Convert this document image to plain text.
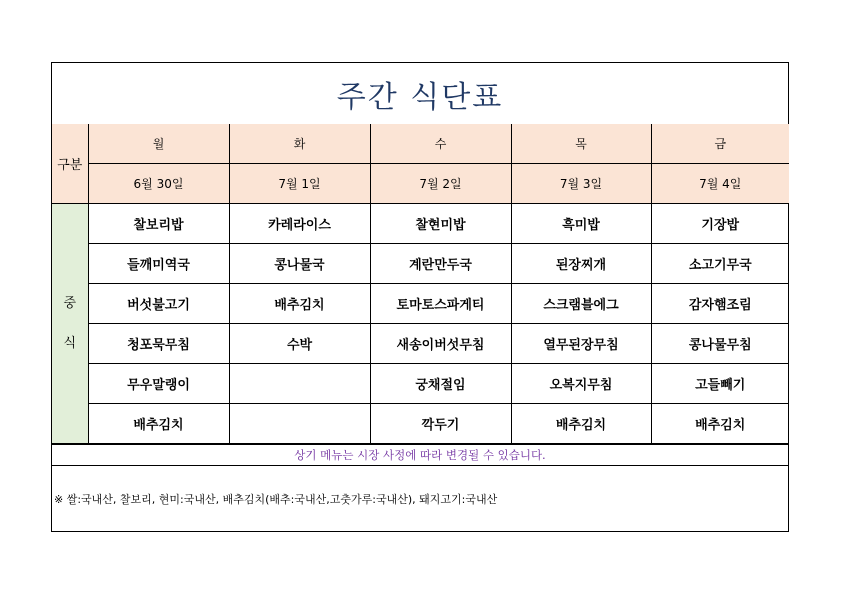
주간 식단표
구분	월	화	수	목	금
	6월 30일	7월 1일	7월 2일	7월 3일	7월 4일

중
식	찰보리밥	카레라이스	찰현미밥	흑미밥	기장밥
	들깨미역국	콩나물국	계란만두국	된장찌개	소고기무국
	버섯불고기	배추김치	토마토스파게티	스크램블에그	감자햄조림
	청포묵무침	수박	새송이버섯무침	열무된장무침	콩나물무침
	무우말랭이		궁채절임	오복지무침	고들빼기
	배추김치		깍두기	배추김치	배추김치
상기 메뉴는 시장 사정에 따라 변경될 수 있습니다.
※ 쌀:국내산, 찰보리, 현미:국내산, 배추김치(배추:국내산,고춧가루:국내산), 돼지고기:국내산
